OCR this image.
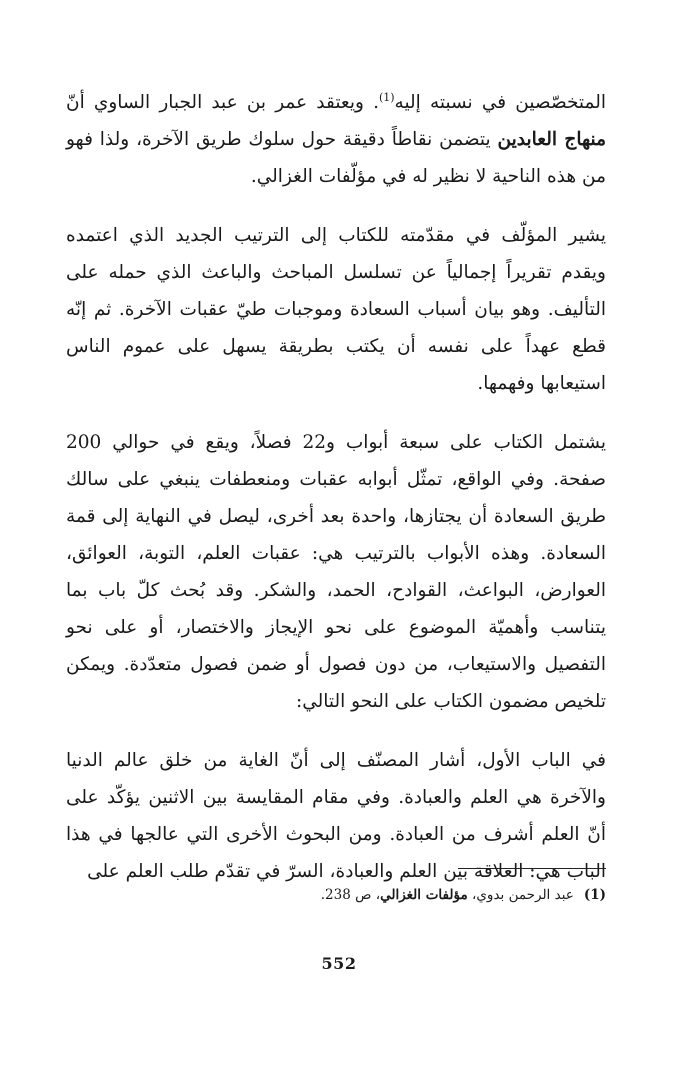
المتخصّصين في نسبته إليه$^{(1)}$. ويعتقد عمر بن عبد الجبار الساوي أنّ منهاج العابدين يتضمن نقاطاً دقيقة حول سلوك طريق الآخرة، ولذا فهو من هذه الناحية لا نظير له في مؤلّفات الغزالي.

يشير المؤلّف في مقدّمته للكتاب إلى الترتيب الجديد الذي اعتمده ويقدم تقريراً إجمالياً عن تسلسل المباحث والباعث الذي حمله على التأليف. وهو بيان أسباب السعادة وموجبات طيّ عقبات الآخرة. ثم إنّه قطع عهداً على نفسه أن يكتب بطريقة يسهل على عموم الناس استيعابها وفهمها.

يشتمل الكتاب على سبعة أبواب و22 فصلاً، ويقع في حوالي 200 صفحة. وفي الواقع، تمثّل أبوابه عقبات ومنعطفات ينبغي على سالك طريق السعادة أن يجتازها، واحدة بعد أخرى، ليصل في النهاية إلى قمة السعادة. وهذه الأبواب بالترتيب هي: عقبات العلم، التوبة، العوائق، العوارض، البواعث، القوادح، الحمد، والشكر. وقد بُحث كلّ باب بما يتناسب وأهميّة الموضوع على نحو الإيجاز والاختصار، أو على نحو التفصيل والاستيعاب، من دون فصول أو ضمن فصول متعدّدة. ويمكن تلخيص مضمون الكتاب على النحو التالي:

في الباب الأول، أشار المصنّف إلى أنّ الغاية من خلق عالم الدنيا والآخرة هي العلم والعبادة. وفي مقام المقايسة بين الاثنين يؤكّد على أنّ العلم أشرف من العبادة. ومن البحوث الأخرى التي عالجها في هذا الباب هي: العلاقة بين العلم والعبادة، السرّ في تقدّم طلب العلم على

(1)عبد الرحمن بدوي، مؤلفات الغزالي، ص 238.
552
